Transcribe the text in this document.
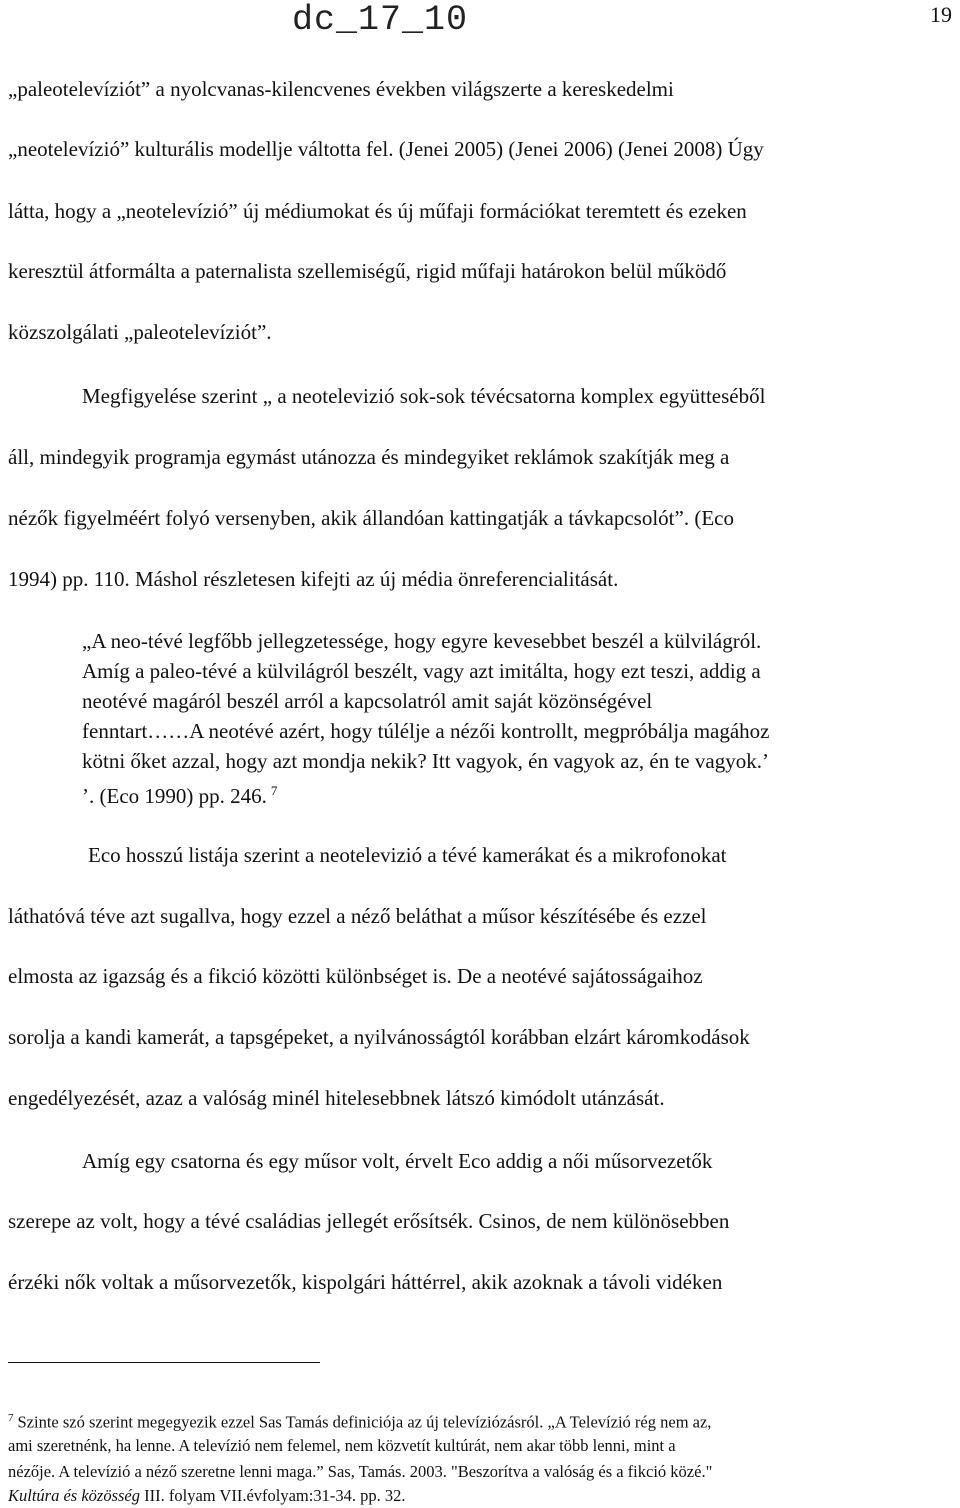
dc_17_10	19

„paleotelevíziót” a nyolcvanas-kilencvenes években világszerte a kereskedelmi

„neotelevízió” kulturális modellje váltotta fel. (Jenei 2005) (Jenei 2006) (Jenei 2008) Úgy

látta, hogy a „neotelevízió” új médiumokat és új műfaji formációkat teremtett és ezeken

keresztül átformálta a paternalista szellemiségű, rigid műfaji határokon belül működő

közszolgálati „paleotelevíziót”.

Megfigyelése szerint „ a neotelevizió sok-sok tévécsatorna komplex együtteséből

áll, mindegyik programja egymást utánozza és mindegyiket reklámok szakítják meg a

nézők figyelméért folyó versenyben, akik állandóan kattingatják a távkapcsolót”. (Eco

1994) pp. 110. Máshol részletesen kifejti az új média önreferencialitását.

„A neo-tévé legfőbb jellegzetessége, hogy egyre kevesebbet beszél a külvilágról.

Amíg a paleo-tévé a külvilágról beszélt, vagy azt imitálta, hogy ezt teszi, addig a

neotévé magáról beszél arról a kapcsolatról amit saját közönségével

fenntart……A neotévé azért, hogy túlélje a nézői kontrollt, megpróbálja magához

kötni őket azzal, hogy azt mondja nekik? Itt vagyok, én vagyok az, én te vagyok.’

’. (Eco 1990) pp. 246. $^7$

Eco hosszú listája szerint a neotelevizió a tévé kamerákat és a mikrofonokat

láthatóvá téve azt sugallva, hogy ezzel a néző beláthat a műsor készítésébe és ezzel

elmosta az igazság és a fikció közötti különbséget is. De a neotévé sajátosságaihoz

sorolja a kandi kamerát, a tapsgépeket, a nyilvánosságtól korábban elzárt káromkodások

engedélyezését, azaz a valóság minél hitelesebbnek látszó kimódolt utánzását.

Amíg egy csatorna és egy műsor volt, érvelt Eco addig a női műsorvezetők

szerepe az volt, hogy a tévé családias jellegét erősítsék. Csinos, de nem különösebben

érzéki nők voltak a műsorvezetők, kispolgári háttérrel, akik azoknak a távoli vidéken

$^7$ Szinte szó szerint megegyezik ezzel Sas Tamás definiciója az új televíziózásról. „A Televízió rég nem az,

ami szeretnénk, ha lenne. A televízió nem felemel, nem közvetít kultúrát, nem akar több lenni, mint a

nézője. A televízió a néző szeretne lenni maga.” Sas, Tamás. 2003. "Beszorítva a valóság és a fikció közé."

Kultúra és közösség III. folyam VII.évfolyam:31-34. pp. 32.
